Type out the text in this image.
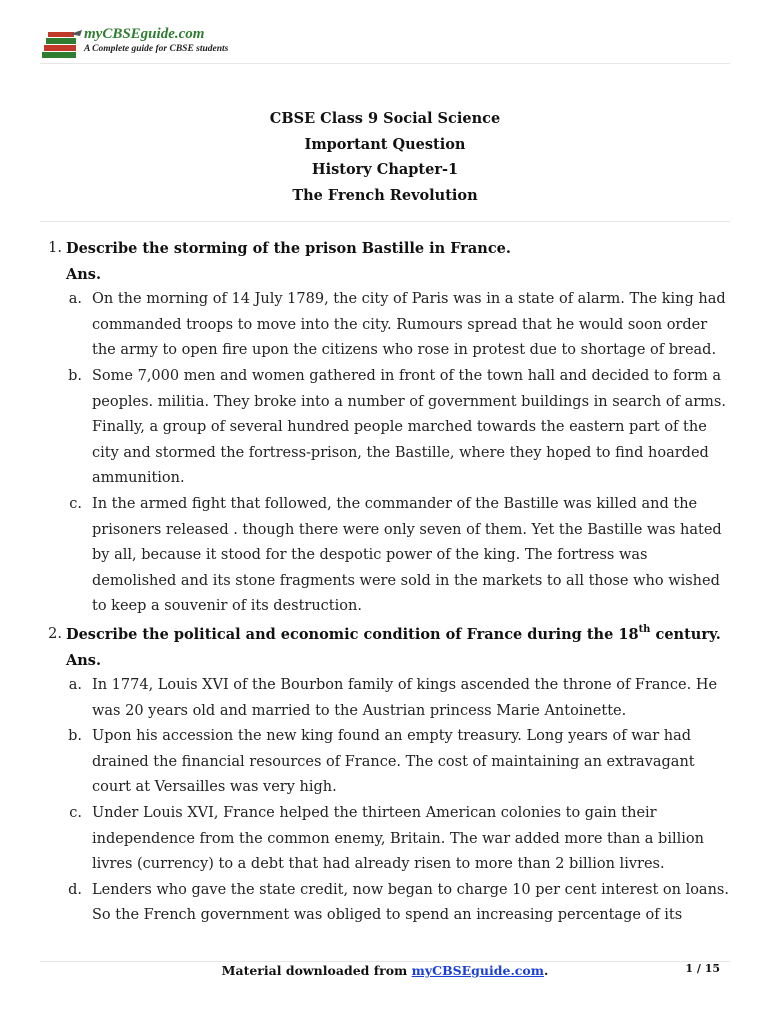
myCBSEguide.com
A Complete guide for CBSE students
CBSE Class 9 Social Science
Important Question
History Chapter-1
The French Revolution
1. Describe the storming of the prison Bastille in France.
Ans.
a. On the morning of 14 July 1789, the city of Paris was in a state of alarm. The king had commanded troops to move into the city. Rumours spread that he would soon order the army to open fire upon the citizens who rose in protest due to shortage of bread.
b. Some 7,000 men and women gathered in front of the town hall and decided to form a peoples. militia. They broke into a number of government buildings in search of arms. Finally, a group of several hundred people marched towards the eastern part of the city and stormed the fortress-prison, the Bastille, where they hoped to find hoarded ammunition.
c. In the armed fight that followed, the commander of the Bastille was killed and the prisoners released . though there were only seven of them. Yet the Bastille was hated by all, because it stood for the despotic power of the king. The fortress was demolished and its stone fragments were sold in the markets to all those who wished to keep a souvenir of its destruction.
2. Describe the political and economic condition of France during the 18th century.
Ans.
a. In 1774, Louis XVI of the Bourbon family of kings ascended the throne of France. He was 20 years old and married to the Austrian princess Marie Antoinette.
b. Upon his accession the new king found an empty treasury. Long years of war had drained the financial resources of France. The cost of maintaining an extravagant court at Versailles was very high.
c. Under Louis XVI, France helped the thirteen American colonies to gain their independence from the common enemy, Britain. The war added more than a billion livres (currency) to a debt that had already risen to more than 2 billion livres.
d. Lenders who gave the state credit, now began to charge 10 per cent interest on loans. So the French government was obliged to spend an increasing percentage of its
Material downloaded from myCBSEguide.com.	1 / 15
